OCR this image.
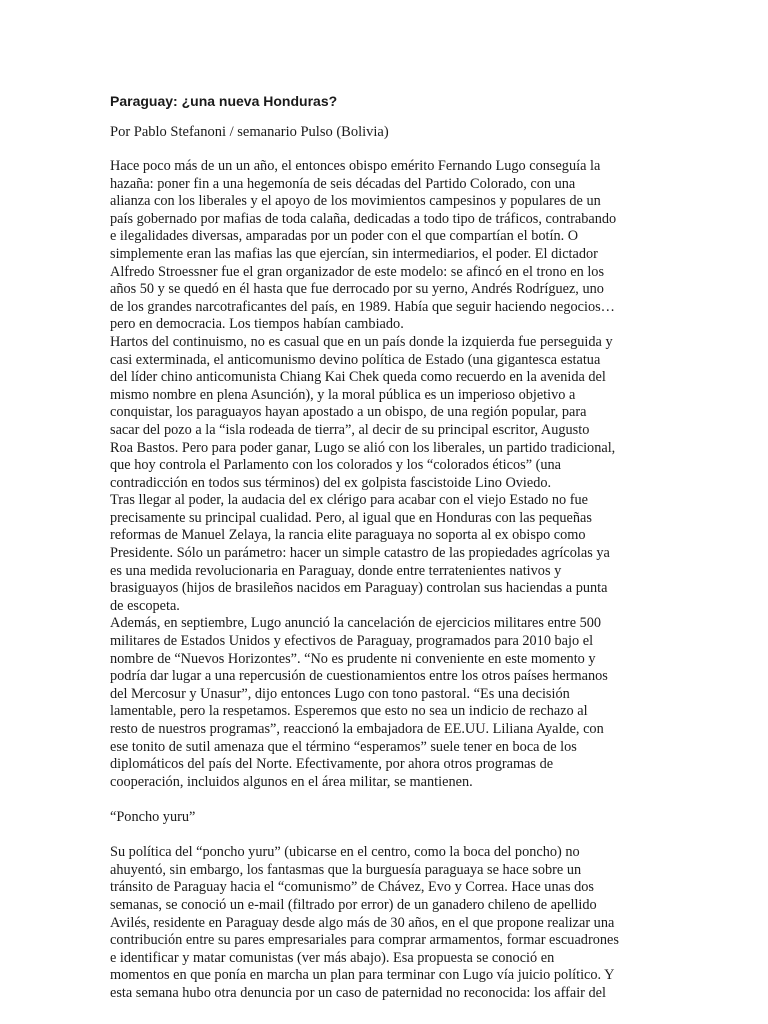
Paraguay: ¿una nueva Honduras?
Por Pablo Stefanoni / semanario Pulso (Bolivia)
Hace poco más de un un año, el entonces obispo emérito Fernando Lugo conseguía la
hazaña: poner fin a una hegemonía de seis décadas del Partido Colorado, con una
alianza con los liberales y el apoyo de los movimientos campesinos y populares de un
país gobernado por mafias de toda calaña, dedicadas a todo tipo de tráficos, contrabando
e ilegalidades diversas, amparadas por un poder con el que compartían el botín. O
simplemente eran las mafias las que ejercían, sin intermediarios, el poder. El dictador
Alfredo Stroessner fue el gran organizador de este modelo: se afincó en el trono en los
años 50 y se quedó en él hasta que fue derrocado por su yerno, Andrés Rodríguez, uno
de los grandes narcotraficantes del país, en 1989. Había que seguir haciendo negocios…
pero en democracia. Los tiempos habían cambiado.
Hartos del continuismo, no es casual que en un país donde la izquierda fue perseguida y
casi exterminada, el anticomunismo devino política de Estado (una gigantesca estatua
del líder chino anticomunista Chiang Kai Chek queda como recuerdo en la avenida del
mismo nombre en plena Asunción), y la moral pública es un imperioso objetivo a
conquistar, los paraguayos hayan apostado a un obispo, de una región popular, para
sacar del pozo a la “isla rodeada de tierra”, al decir de su principal escritor, Augusto
Roa Bastos. Pero para poder ganar, Lugo se alió con los liberales, un partido tradicional,
que hoy controla el Parlamento con los colorados y los “colorados éticos” (una
contradicción en todos sus términos) del ex golpista fascistoide Lino Oviedo.
Tras llegar al poder, la audacia del ex clérigo para acabar con el viejo Estado no fue
precisamente su principal cualidad. Pero, al igual que en Honduras con las pequeñas
reformas de Manuel Zelaya, la rancia elite paraguaya no soporta al ex obispo como
Presidente. Sólo un parámetro: hacer un simple catastro de las propiedades agrícolas ya
es una medida revolucionaria en Paraguay, donde entre terratenientes nativos y
brasiguayos (hijos de brasileños nacidos em Paraguay) controlan sus haciendas a punta
de escopeta.
Además, en septiembre, Lugo anunció la cancelación de ejercicios militares entre 500
militares de Estados Unidos y efectivos de Paraguay, programados para 2010 bajo el
nombre de “Nuevos Horizontes”. “No es prudente ni conveniente en este momento y
podría dar lugar a una repercusión de cuestionamientos entre los otros países hermanos
del Mercosur y Unasur”, dijo entonces Lugo con tono pastoral. “Es una decisión
lamentable, pero la respetamos. Esperemos que esto no sea un indicio de rechazo al
resto de nuestros programas”, reaccionó la embajadora de EE.UU. Liliana Ayalde, con
ese tonito de sutil amenaza que el término “esperamos” suele tener en boca de los
diplomáticos del país del Norte. Efectivamente, por ahora otros programas de
cooperación, incluidos algunos en el área militar, se mantienen.
“Poncho yuru”
Su política del “poncho yuru” (ubicarse en el centro, como la boca del poncho) no
ahuyentó, sin embargo, los fantasmas que la burguesía paraguaya se hace sobre un
tránsito de Paraguay hacia el “comunismo” de Chávez, Evo y Correa. Hace unas dos
semanas, se conoció un e-mail (filtrado por error) de un ganadero chileno de apellido
Avilés, residente en Paraguay desde algo más de 30 años, en el que propone realizar una
contribución entre su pares empresariales para comprar armamentos, formar escuadrones
e identificar y matar comunistas (ver más abajo). Esa propuesta se conoció en
momentos en que ponía en marcha un plan para terminar con Lugo vía juicio político. Y
esta semana hubo otra denuncia por un caso de paternidad no reconocida: los affair del
